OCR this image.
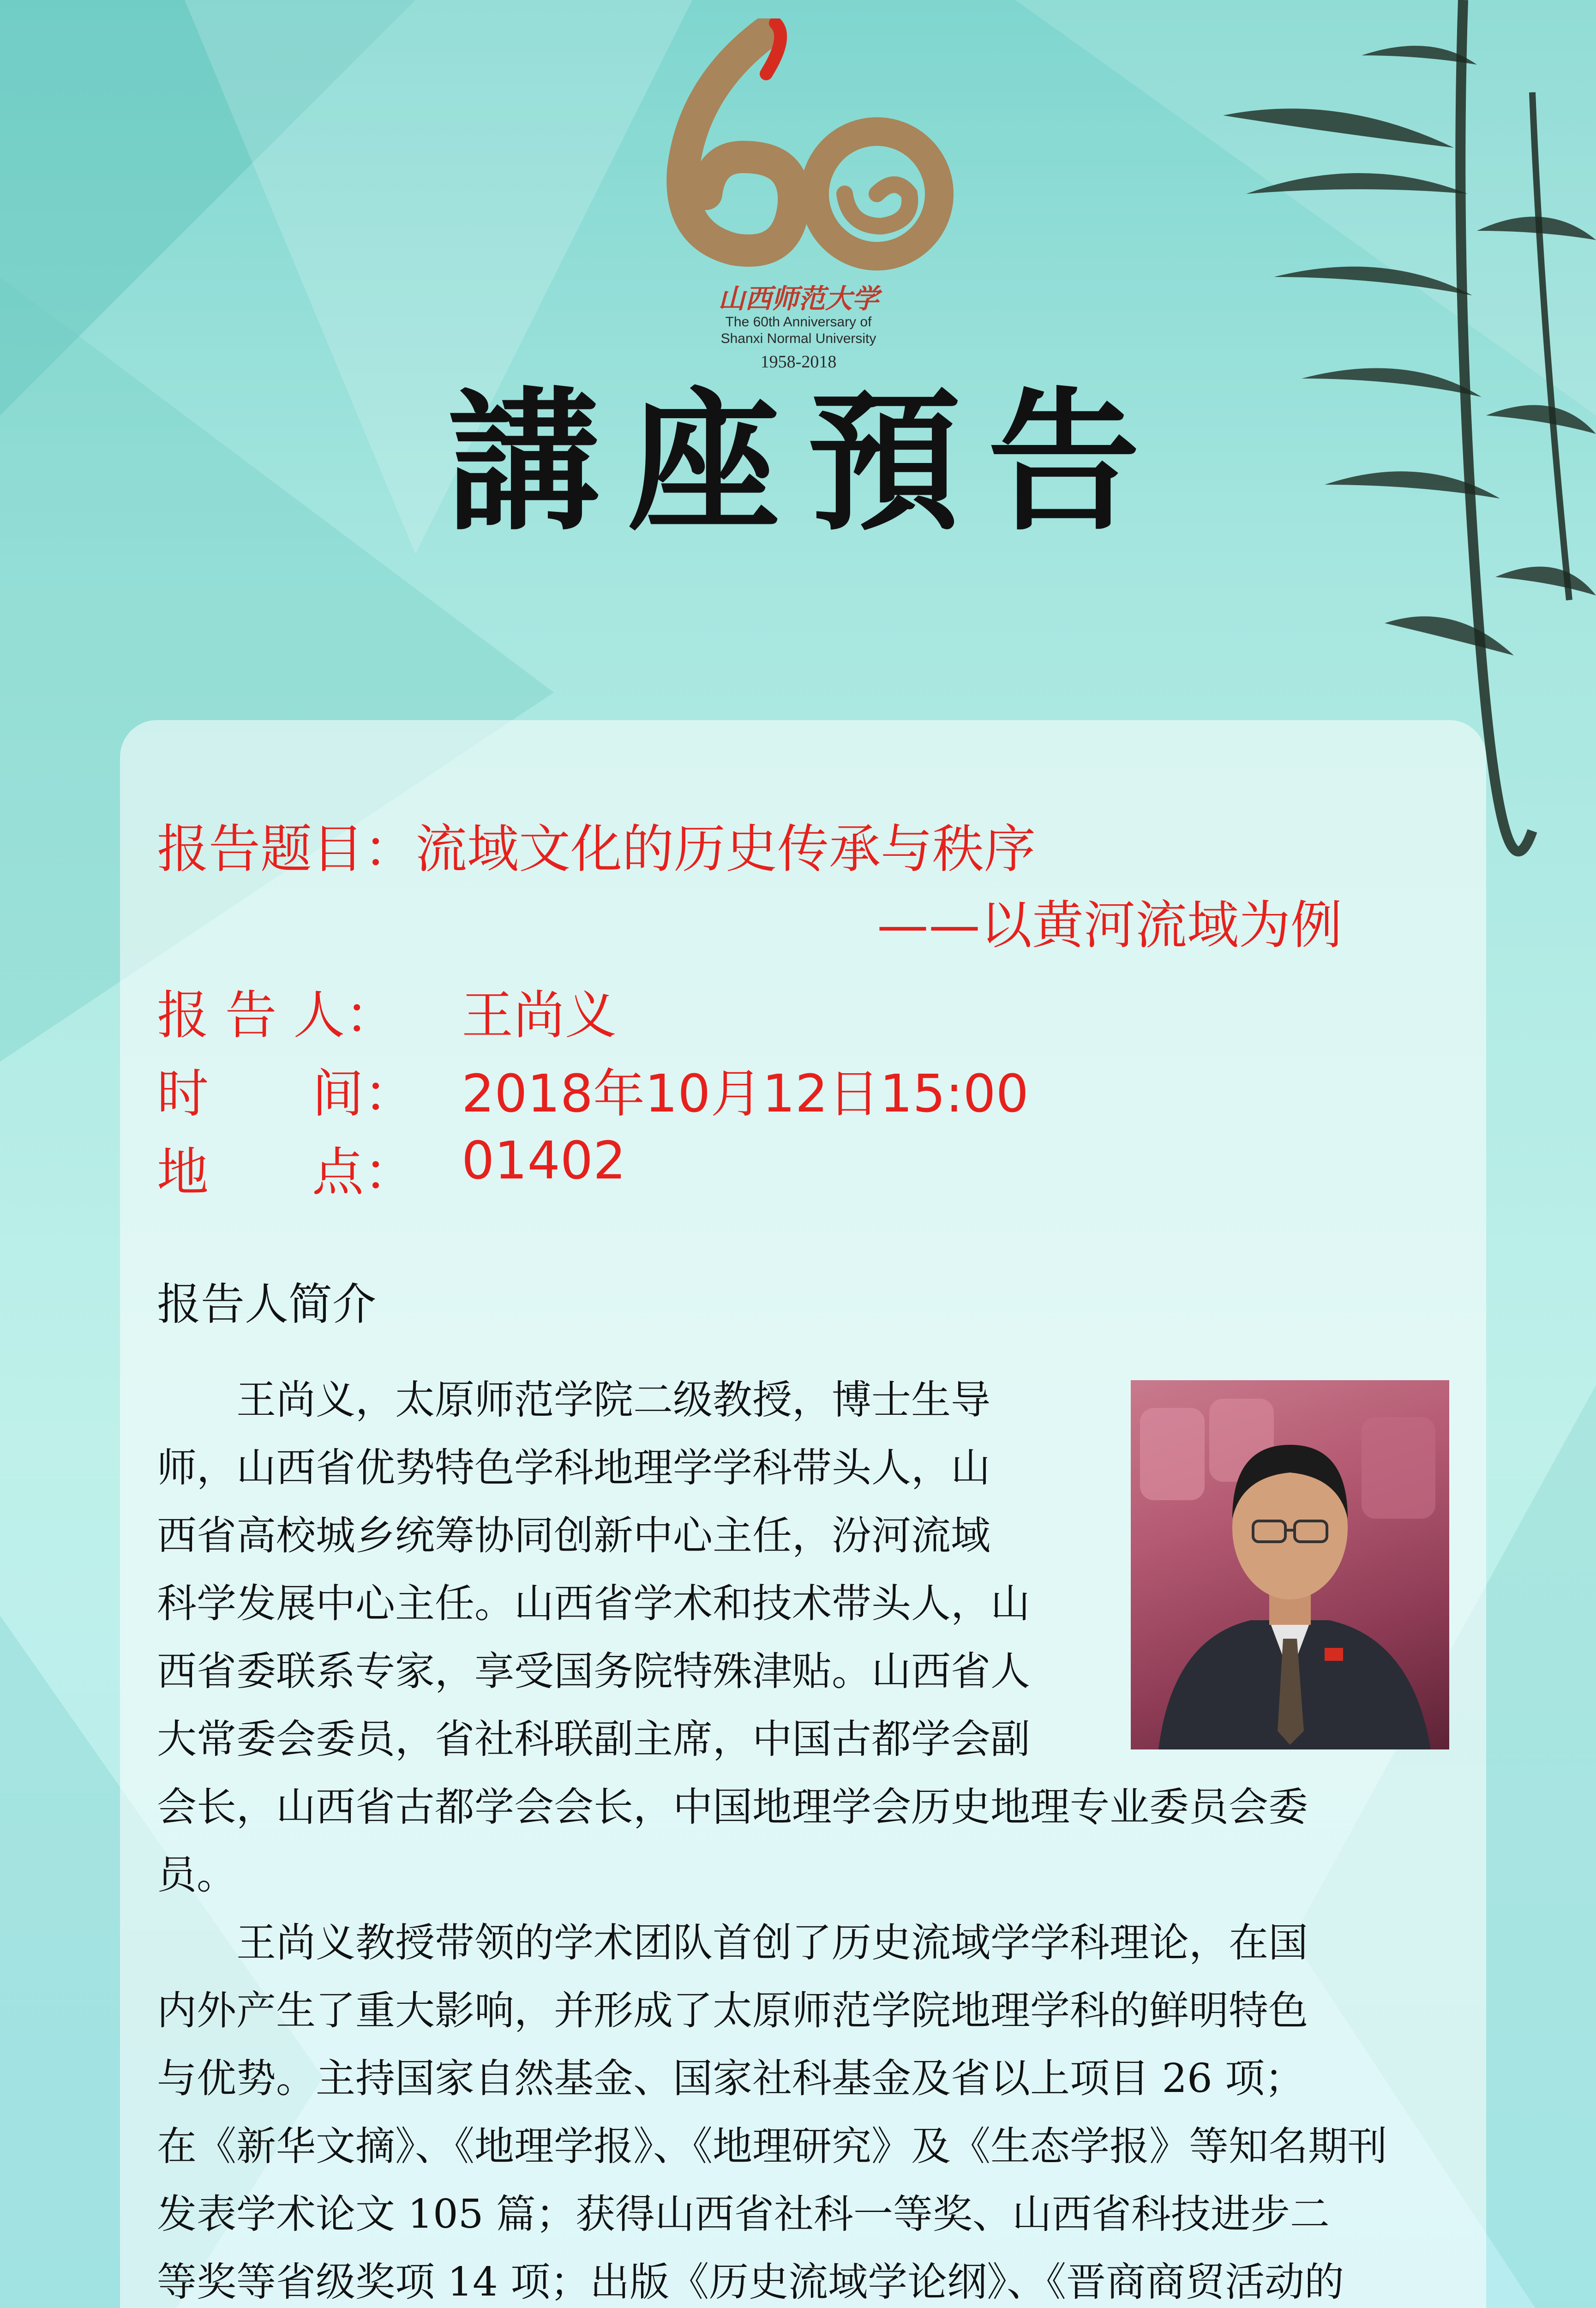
山西师范大学
The 60th Anniversary of
Shanxi Normal University
1958-2018
講座預告
报告题目：流域文化的历史传承与秩序
——以黄河流域为例
报 告 人： 王尚义
时　　间： 2018年10月12日15:00
地　　点： 01402
报告人简介
王尚义，太原师范学院二级教授，博士生导
师，山西省优势特色学科地理学学科带头人，山
西省高校城乡统筹协同创新中心主任，汾河流域
科学发展中心主任。山西省学术和技术带头人，山
西省委联系专家，享受国务院特殊津贴。山西省人
大常委会委员，省社科联副主席，中国古都学会副
会长，山西省古都学会会长，中国地理学会历史地理专业委员会委
员。
王尚义教授带领的学术团队首创了历史流域学学科理论，在国
内外产生了重大影响，并形成了太原师范学院地理学科的鲜明特色
与优势。主持国家自然基金、国家社科基金及省以上项目 26 项；
在《新华文摘》、《地理学报》、《地理研究》及《生态学报》等知名期刊
发表学术论文 105 篇；获得山西省社科一等奖、山西省科技进步二
等奖等省级奖项 14 项；出版《历史流域学论纲》、《晋商商贸活动的
